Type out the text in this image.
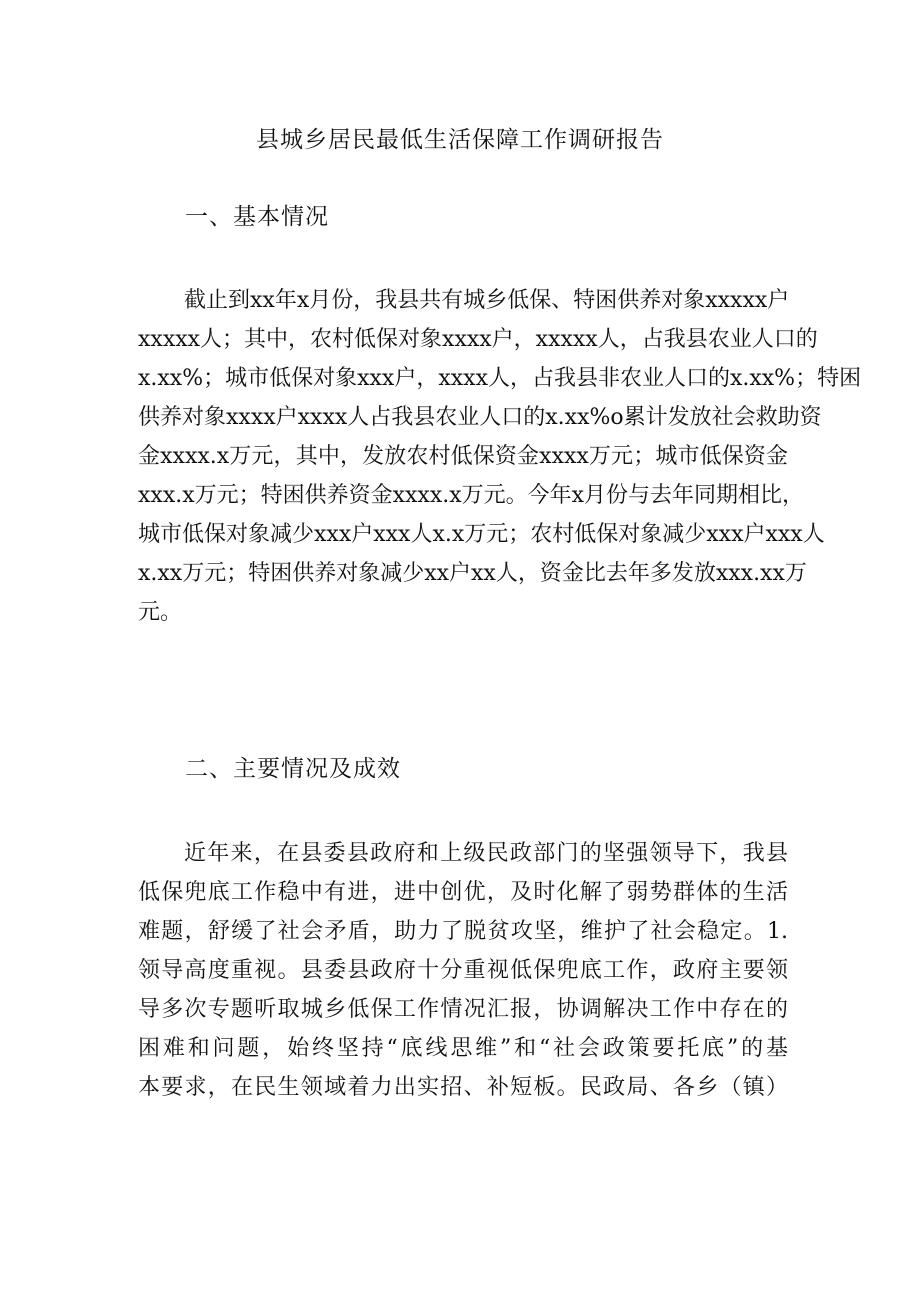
县城乡居民最低生活保障工作调研报告
一、基本情况
截止到xx年x月份，我县共有城乡低保、特困供养对象xxxxx户
xxxxx人；其中，农村低保对象xxxx户，xxxxx人，占我县农业人口的
x.xx%；城市低保对象xxx户，xxxx人，占我县非农业人口的x.xx%；特困
供养对象xxxx户xxxx人占我县农业人口的x.xx%o累计发放社会救助资
金xxxx.x万元，其中，发放农村低保资金xxxx万元；城市低保资金
xxx.x万元；特困供养资金xxxx.x万元。今年x月份与去年同期相比，
城市低保对象减少xxx户xxx人x.x万元；农村低保对象减少xxx户xxx人
x.xx万元；特困供养对象减少xx户xx人，资金比去年多发放xxx.xx万
元。
二、主要情况及成效
近年来，在县委县政府和上级民政部门的坚强领导下，我县
低保兜底工作稳中有进，进中创优，及时化解了弱势群体的生活
难题，舒缓了社会矛盾，助力了脱贫攻坚，维护了社会稳定。1.
领导高度重视。县委县政府十分重视低保兜底工作，政府主要领
导多次专题听取城乡低保工作情况汇报，协调解决工作中存在的
困难和问题，始终坚持“底线思维”和“社会政策要托底”的基
本要求，在民生领域着力出实招、补短板。民政局、各乡（镇）
